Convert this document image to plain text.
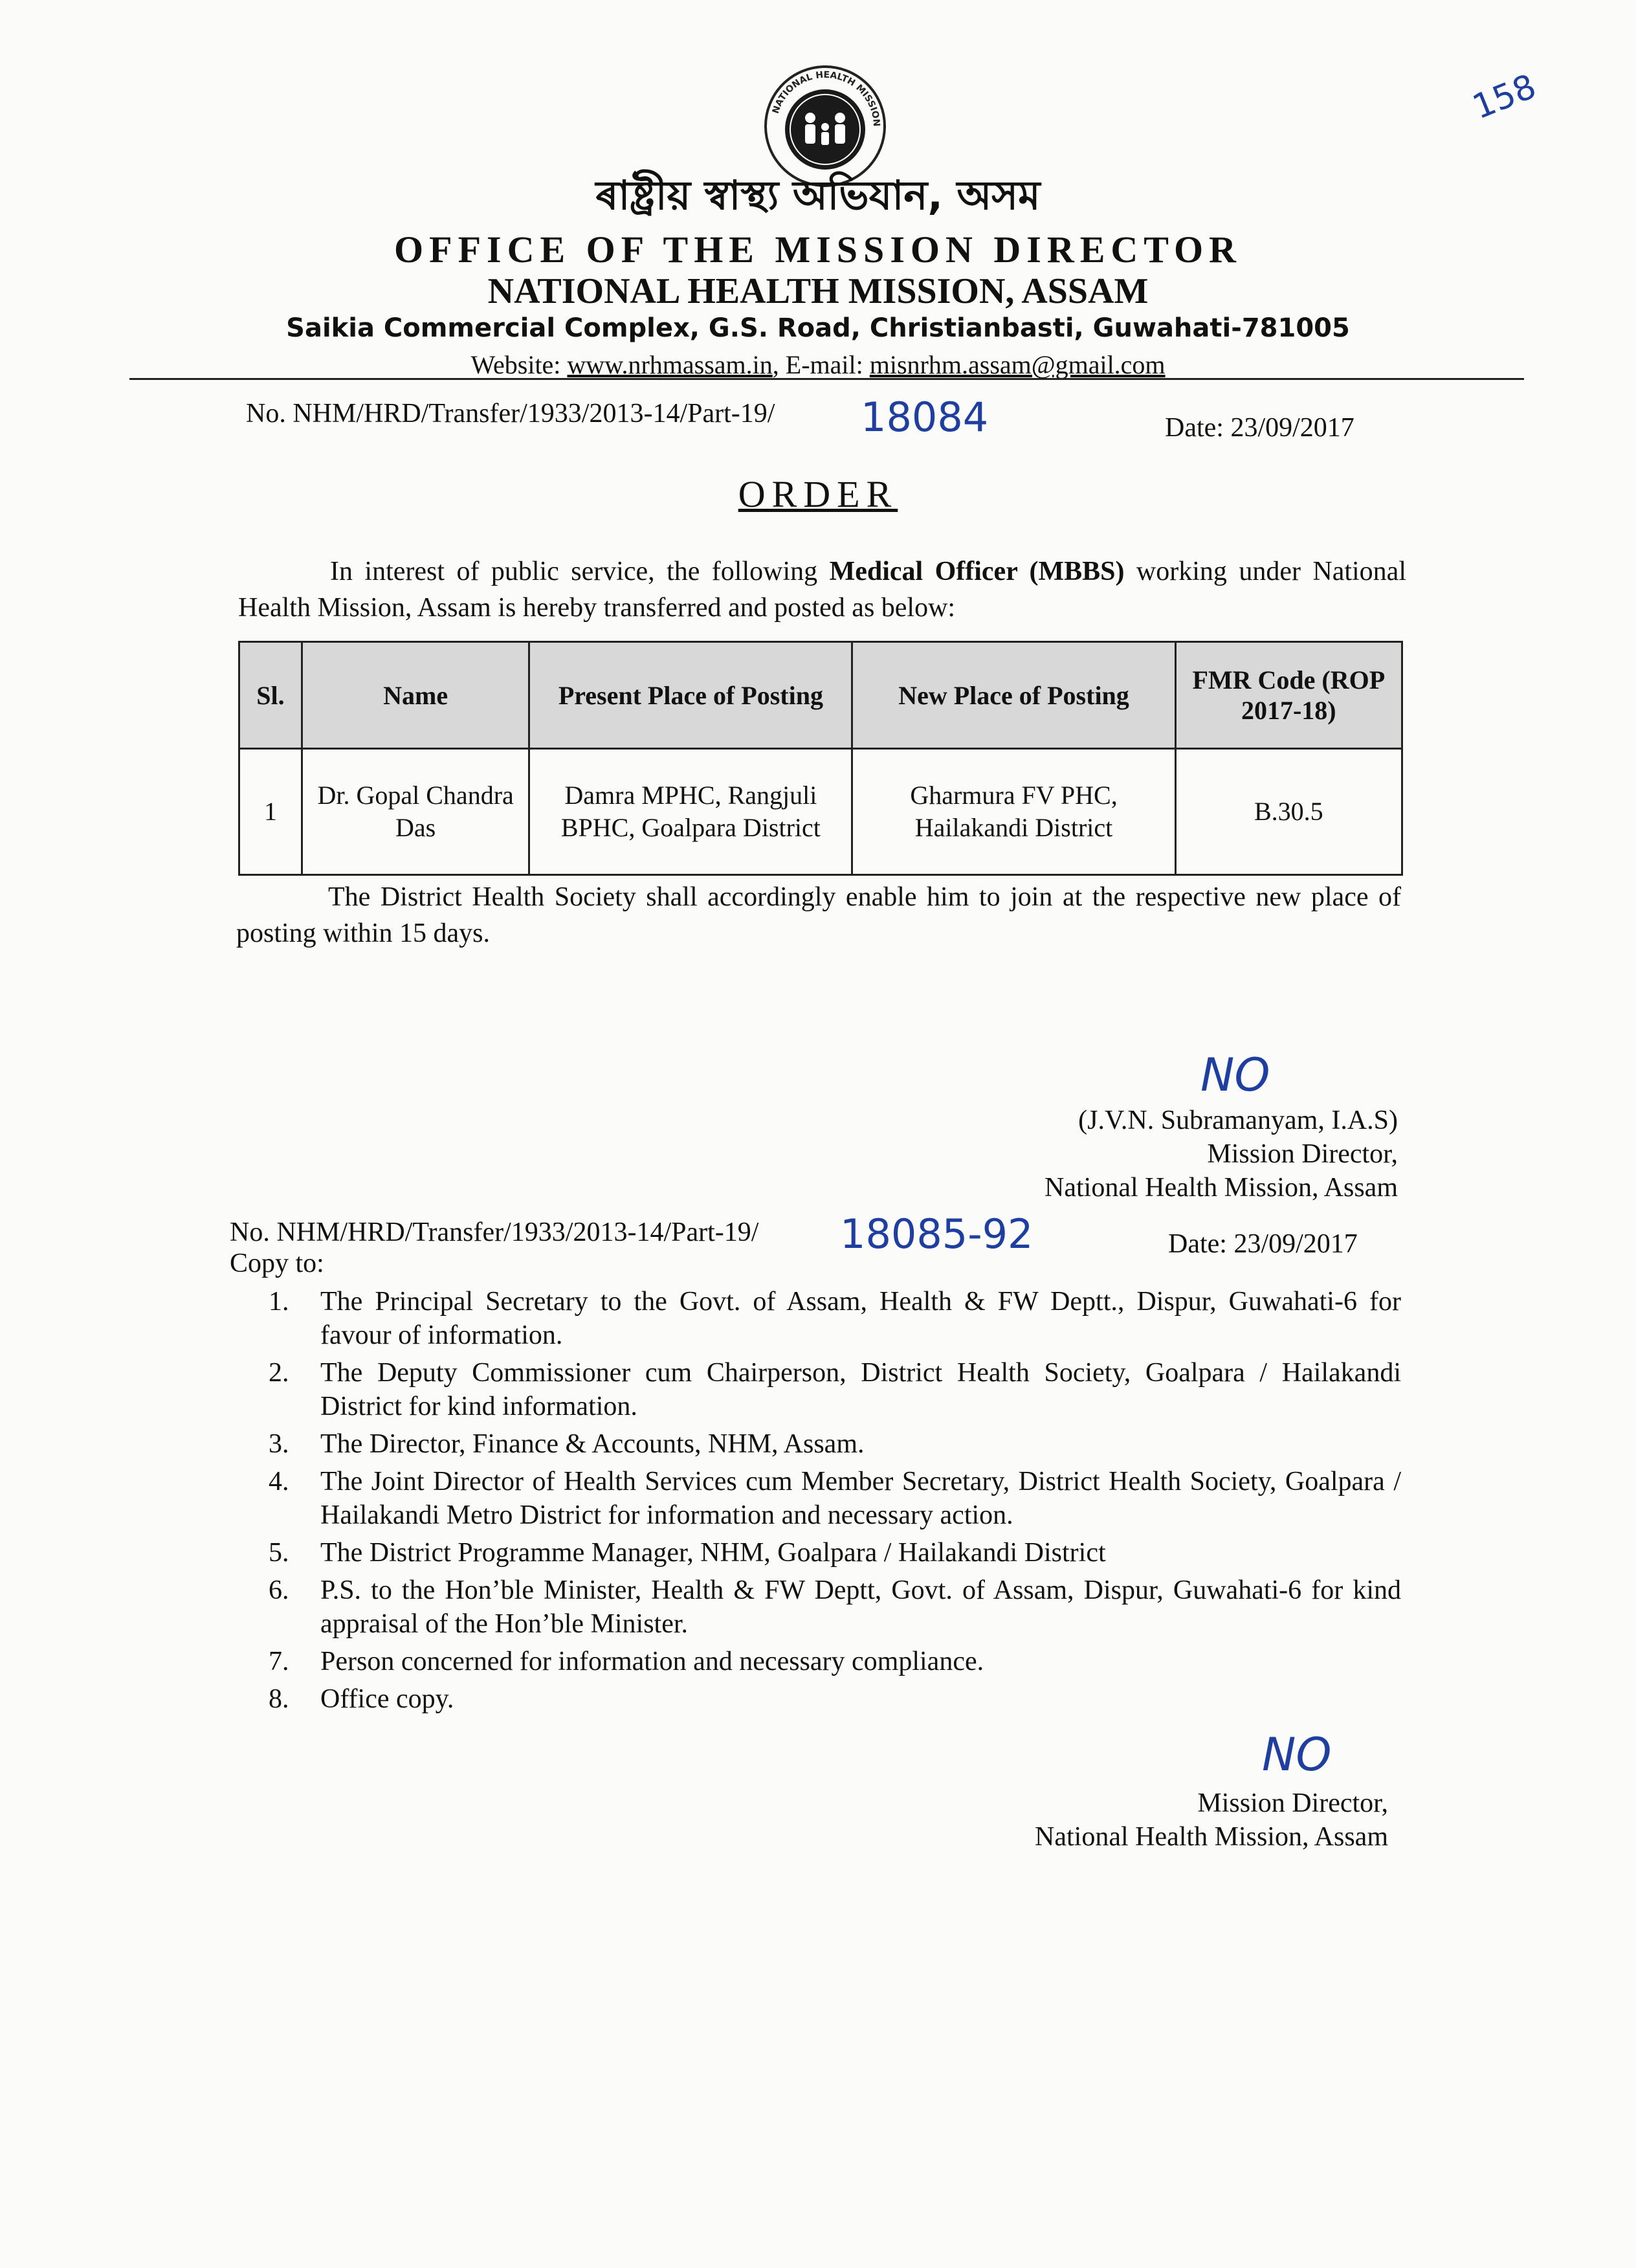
NATIONAL HEALTH MISSION
ৰাষ্ট্ৰীয় স্বাস্থ্য অভিযান, অসম
OFFICE OF THE MISSION DIRECTOR
NATIONAL HEALTH MISSION, ASSAM
Saikia Commercial Complex, G.S. Road, Christianbasti, Guwahati-781005
Website: www.nrhmassam.in, E-mail: misnrhm.assam@gmail.com
158
No. NHM/HRD/Transfer/1933/2013-14/Part-19/ 18084	Date: 23/09/2017
ORDER
In interest of public service, the following Medical Officer (MBBS) working under National Health Mission, Assam is hereby transferred and posted as below:
Sl.	Name	Present Place of Posting	New Place of Posting	FMR Code (ROP 2017-18)
1	Dr. Gopal Chandra Das	Damra MPHC, Rangjuli BPHC, Goalpara District	Gharmura FV PHC, Hailakandi District	B.30.5
The District Health Society shall accordingly enable him to join at the respective new place of posting within 15 days.
NO
(J.V.N. Subramanyam, I.A.S)
Mission Director,
National Health Mission, Assam
No. NHM/HRD/Transfer/1933/2013-14/Part-19/ 18085-92	Date: 23/09/2017
Copy to:
1. The Principal Secretary to the Govt. of Assam, Health & FW Deptt., Dispur, Guwahati-6 for favour of information.
2. The Deputy Commissioner cum Chairperson, District Health Society, Goalpara / Hailakandi District for kind information.
3. The Director, Finance & Accounts, NHM, Assam.
4. The Joint Director of Health Services cum Member Secretary, District Health Society, Goalpara / Hailakandi Metro District for information and necessary action.
5. The District Programme Manager, NHM, Goalpara / Hailakandi District
6. P.S. to the Hon’ble Minister, Health & FW Deptt, Govt. of Assam, Dispur, Guwahati-6 for kind appraisal of the Hon’ble Minister.
7. Person concerned for information and necessary compliance.
8. Office copy.
NO
Mission Director,
National Health Mission, Assam
